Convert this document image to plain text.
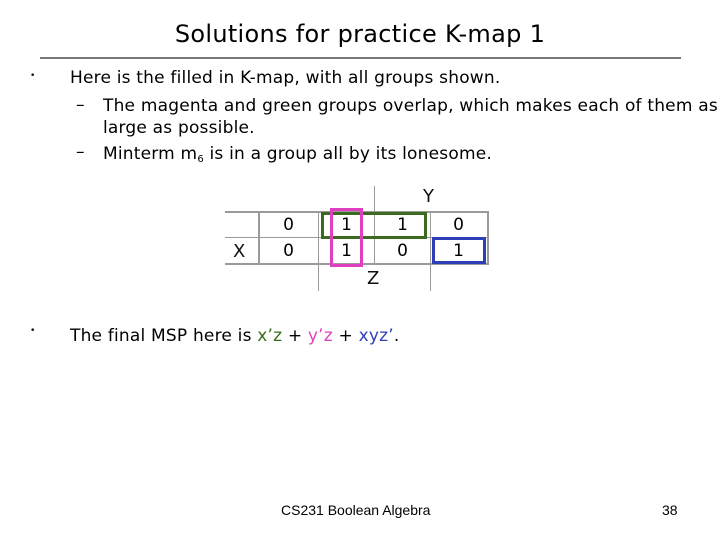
Solutions for practice K-map 1
• Here is the filled in K-map, with all groups shown.
– The magenta and green groups overlap, which makes each of them as
large as possible.
– Minterm $m_6$ is in a group all by its lonesome.
0	1	1	0
0	1	0	1
Y
X
Z
• The final MSP here is x’z + y’z + xyz’.
CS231 Boolean Algebra	38
